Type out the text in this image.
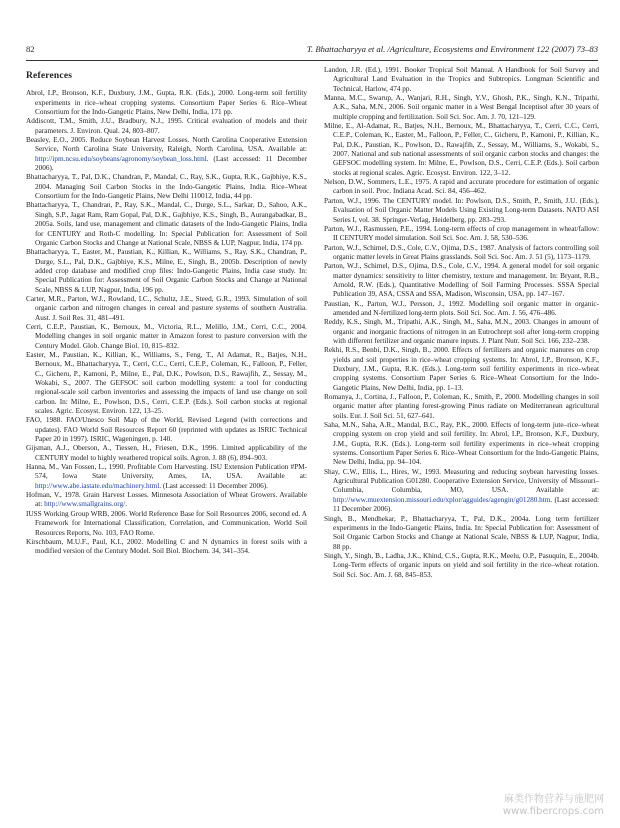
82	T. Bhattacharyya et al. /Agriculture, Ecosystems and Environment 122 (2007) 73–83
References

Abrol, I.P., Bronson, K.F., Duxbury, J.M., Gupta, R.K. (Eds.), 2000. Long-term soil fertility experiments in rice–wheat cropping systems. Consortium Paper Series 6. Rice–Wheat Consortium for the Indo-Gangetic Plains, New Delhi, India, 171 pp.

Addiscott, T.M., Smith, J.U., Bradbury, N.J., 1995. Critical evaluation of models and their parameters. J. Environ. Qual. 24, 803–807.

Beasley, E.O., 2005. Reduce Soybean Harvest Losses. North Carolina Cooperative Extension Service, North Carolina State University, Raleigh, North Carolina, USA. Available at: http://ipm.ncsu.edu/soybeans/agronomy/soybean_loss.html. (Last accessed: 11 December 2006).

Bhattacharyya, T., Pal, D.K., Chandran, P., Mandal, C., Ray, S.K., Gupta, R.K., Gajbhiye, K.S., 2004. Managing Soil Carbon Stocks in the Indo-Gangetic Plains, India. Rice–Wheat Consortium for the Indo-Gangetic Plains, New Delhi 110012, India, 44 pp.

Bhattacharyya, T., Chandran, P., Ray, S.K., Mandal, C., Durge, S.L., Sarkar, D., Sahoo, A.K., Singh, S.P., Jagat Ram, Ram Gopal, Pal, D.K., Gajbhiye, K.S., Singh, B., Aurangabadkar, B., 2005a. Soils, land use, management and climatic datasets of the Indo-Gangetic Plains, India for CENTURY and Roth-C modelling. In: Special Publication for: Assessment of Soil Organic Carbon Stocks and Change at National Scale, NBSS & LUP, Nagpur, India, 174 pp.

Bhattacharyya, T., Easter, M., Paustian, K., Killian, K., Williams, S., Ray, S.K., Chandran, P., Durge, S.L., Pal, D.K., Gajbhiye, K.S., Milne, E., Singh, B., 2005b. Description of newly added crop database and modified crop files: Indo-Gangetic Plains, India case study. In: Special Publication for: Assessment of Soil Organic Carbon Stocks and Change at National Scale, NBSS & LUP, Nagpur, India, 196 pp.

Carter, M.R., Parton, W.J., Rowland, I.C., Schultz, J.E., Steed, G.R., 1993. Simulation of soil organic carbon and nitrogen changes in cereal and pasture systems of southern Australia. Aust. J. Soil Res. 31, 481–491.

Cerri, C.E.P., Paustian, K., Bernoux, M., Victoria, R.L., Melillo, J.M., Cerri, C.C., 2004. Modelling changes in soil organic matter in Amazon forest to pasture conversion with the Century Model. Glob. Change Biol. 10, 815–832.

Easter, M., Paustian, K., Killian, K., Williams, S., Feng, T., Al Adamat, R., Batjes, N.H., Bernoux, M., Bhattacharyya, T., Cerri, C.C., Cerri, C.E.P., Coleman, K., Falloon, P., Feller, C., Gicheru, P., Kamoni, P., Milne, E., Pal, D.K., Powlson, D.S., Rawajfih, Z., Sessay, M., Wokabi, S., 2007. The GEFSOC soil carbon modelling system: a tool for conducting regional-scale soil carbon inventories and assessing the impacts of land use change on soil carbon. In: Milne, E., Powlson, D.S., Cerri, C.E.P. (Eds.). Soil carbon stocks at regional scales. Agric. Ecosyst. Environ. 122, 13–25.

FAO, 1988. FAO/Unesco Soil Map of the World, Revised Legend (with corrections and updates). FAO World Soil Resources Report 60 (reprinted with updates as ISRIC Technical Paper 20 in 1997). ISRIC, Wageningen, p. 140.

Gijsman, A.J., Oberson, A., Tiessen, H., Friesen, D.K., 1996. Limited applicability of the CENTURY model to highly weathered tropical soils. Agron. J. 88 (6), 894–903.

Hanna, M., Van Fossen, L., 1990. Profitable Corn Harvesting. ISU Extension Publication #PM-574, Iowa State University, Ames, IA, USA. Available at: http://www.abe.iastate.edu/machinery.html. (Last accessed: 11 December 2006).

Hofman, V., 1978. Grain Harvest Losses. Minnesota Association of Wheat Growers. Available at: http://www.smallgrains.org/.

IUSS Working Group WRB, 2006. World Reference Base for Soil Resources 2006, second ed. A Framework for International Classification, Correlation, and Communication. World Soil Resources Reports, No. 103, FAO Rome.

Kirschbaum, M.U.F., Paul, K.I., 2002. Modelling C and N dynamics in forest soils with a modified version of the Century Model. Soil Biol. Biochem. 34, 341–354.

Landon, J.R. (Ed.), 1991. Booker Tropical Soil Manual. A Handbook for Soil Survey and Agricultural Land Evaluation in the Tropics and Subtropics. Longman Scientific and Technical, Harlow, 474 pp.

Manna, M.C., Swarup, A., Wanjari, R.H., Singh, Y.V., Ghosh, P.K., Singh, K.N., Tripathi, A.K., Saha, M.N., 2006. Soil organic matter in a West Bengal Inceptisol after 30 years of multiple cropping and fertilization. Soil Sci. Soc. Am. J. 70, 121–129.

Milne, E., Al-Adamat, R., Batjes, N.H., Bernoux, M., Bhattacharyya, T., Cerri, C.C., Cerri, C.E.P., Coleman, K., Easter, M., Falloon, P., Feller, C., Gicheru, P., Kamoni, P., Killian, K., Pal, D.K., Paustian, K., Powlson, D., Rawajfih, Z., Sessay, M., Williams, S., Wokabi, S., 2007. National and sub national assessments of soil organic carbon stocks and changes: the GEFSOC modelling system. In: Milne, E., Powlson, D.S., Cerri, C.E.P. (Eds.). Soil carbon stocks at regional scales. Agric. Ecosyst. Environ. 122, 3–12.

Nelson, D.W., Sommers, L.E., 1975. A rapid and accurate procedure for estimation of organic carbon in soil. Proc. Indiana Acad. Sci. 84, 456–462.

Parton, W.J., 1996. The CENTURY model. In: Powlson, D.S., Smith, P., Smith, J.U. (Eds.), Evaluation of Soil Organic Matter Models Using Existing Long-term Datasets. NATO ASI Series I, vol. 38. Springer-Verlag, Heidelberg, pp. 283–293.

Parton, W.J., Rasmussen, P.E., 1994. Long-term effects of crop management in wheat/fallow: II CENTURY model simulation. Soil Sci. Soc. Am. J. 58, 530–536.

Parton, W.J., Schimel, D.S., Cole, C.V., Ojima, D.S., 1987. Analysis of factors controlling soil organic matter levels in Great Plains grasslands. Soil Sci. Soc. Am. J. 51 (5), 1173–1179.

Parton, W.J., Schimel, D.S., Ojima, D.S., Cole, C.V., 1994. A general model for soil organic matter dynamics: sensitivity to litter chemistry, texture and management. In: Bryant, R.B., Arnold, R.W. (Eds.), Quantitative Modelling of Soil Farming Processes. SSSA Special Publication 39, ASA, CSSA and SSA, Madison, Wisconsin, USA, pp. 147–167.

Paustian, K., Parton, W.J., Persson, J., 1992. Modelling soil organic matter in organic-amended and N-fertilized long-term plots. Soil Sci. Soc. Am. J. 56, 476–486.

Reddy, K.S., Singh, M., Tripathi, A.K., Singh, M., Saha, M.N., 2003. Changes in amount of organic and inorganic fractions of nitrogen in an Eutrochrept soil after long-term cropping with different fertilizer and organic manure inputs. J. Plant Nutr. Soil Sci. 166, 232–238.

Rekhi, R.S., Benbi, D.K., Singh, B., 2000. Effects of fertilizers and organic manures on crop yields and soil properties in rice–wheat cropping systems. In: Abrol, I.P., Bronson, K.F., Duxbury, J.M., Gupta, R.K. (Eds.). Long-term soil fertility experiments in rice–wheat cropping systems. Consortium Paper Series 6. Rice–Wheat Consortium for the Indo-Gangetic Plains, New Delhi, India, pp. 1–13.

Romanya, J., Cortina, J., Falloon, P., Coleman, K., Smith, P., 2000. Modelling changes in soil organic matter after planting forest-growing Pinus radiate on Mediterranean agricultural soils. Eur. J. Soil Sci. 51, 627–641.

Saha, M.N., Saha, A.R., Mandal, B.C., Ray, P.K., 2000. Effects of long-term jute–rice–wheat cropping system on crop yield and soil fertility. In: Abrol, I.P., Bronson, K.F., Duxbury, J.M., Gupta, R.K. (Eds.). Long-term soil fertility experiments in rice–wheat cropping systems. Consortium Paper Series 6. Rice–Wheat Consortium for the Indo-Gangetic Plains, New Delhi, India, pp. 94–104.

Shay, C.W., Ellis, L., Hires, W., 1993. Measuring and reducing soybean harvesting losses. Agricultural Publication G01280. Cooperative Extension Service, University of Missouri–Columbia, Columbia, MO, USA. Available at: http://www.muextension.missouri.edu/xplor/agguides/agengin/g01280.htm. (Last accessed: 11 December 2006).

Singh, B., Mendhekar, P., Bhattacharyya, T., Pal, D.K., 2004a. Long term fertilizer experiments in the Indo-Gangetic Plains, India. In: Special Publication for: Assessment of Soil Organic Carbon Stocks and Change at National Scale, NBSS & LUP, Nagpur, India, 88 pp.

Singh, Y., Singh, B., Ladha, J.K., Khind, C.S., Gupta, R.K., Meelu, O.P., Pasuquin, E., 2004b. Long-Term effects of organic inputs on yield and soil fertility in the rice–wheat rotation. Soil Sci. Soc. Am. J. 68, 845–853.

麻类作物营养与施肥网
www.fibercrops.com
